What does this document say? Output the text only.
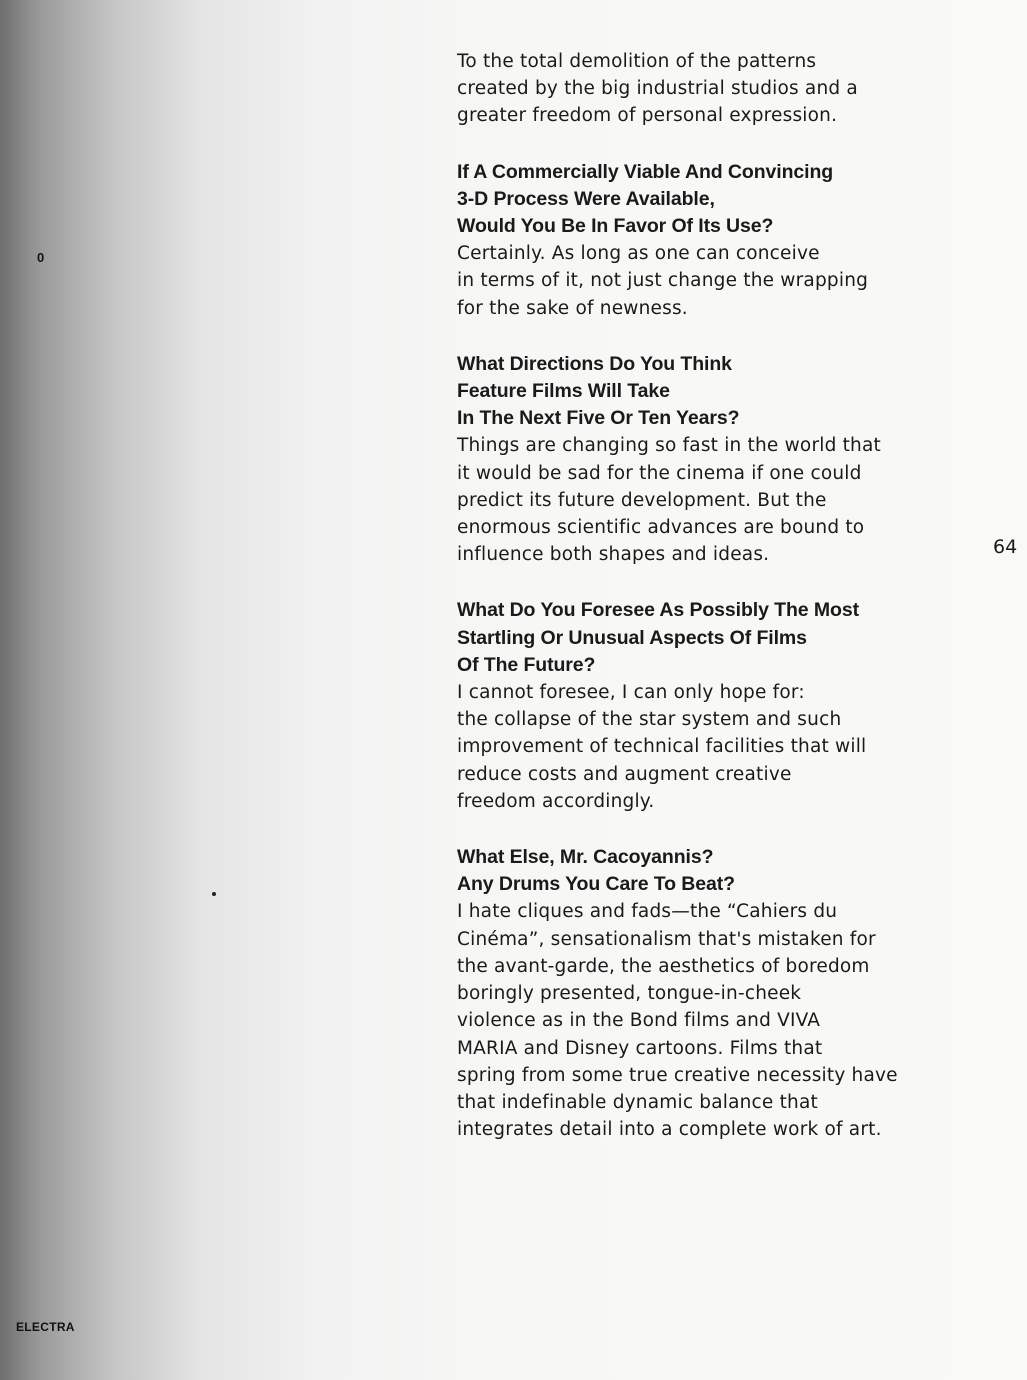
0

To the total demolition of the patterns
created by the big industrial studios and a
greater freedom of personal expression.

If A Commercially Viable And Convincing
3-D Process Were Available,
Would You Be In Favor Of Its Use?

Certainly. As long as one can conceive
in terms of it, not just change the wrapping
for the sake of newness.

What Directions Do You Think
Feature Films Will Take
In The Next Five Or Ten Years?

Things are changing so fast in the world that
it would be sad for the cinema if one could
predict its future development. But the
enormous scientific advances are bound to
influence both shapes and ideas.

What Do You Foresee As Possibly The Most
Startling Or Unusual Aspects Of Films
Of The Future?

I cannot foresee, I can only hope for:
the collapse of the star system and such
improvement of technical facilities that will
reduce costs and augment creative
freedom accordingly.

What Else, Mr. Cacoyannis?
Any Drums You Care To Beat?

I hate cliques and fads—the “Cahiers du
Cinéma”, sensationalism that's mistaken for
the avant-garde, the aesthetics of boredom
boringly presented, tongue-in-cheek
violence as in the Bond films and VIVA
MARIA and Disney cartoons. Films that
spring from some true creative necessity have
that indefinable dynamic balance that
integrates detail into a complete work of art.

64
ELECTRA
